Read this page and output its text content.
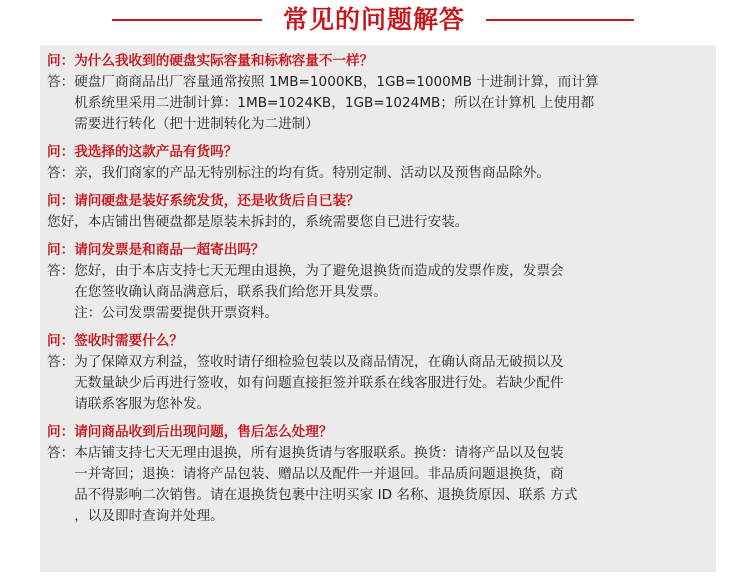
常见的问题解答
问：为什么我收到的硬盘实际容量和标称容量不一样？
答： 硬盘厂商商品出厂容量通常按照 1MB=1000KB，1GB=1000MB 十进制计算，而计算
机系统里采用二进制计算：1MB=1024KB，1GB=1024MB；所以在计算机 上使用都
需要进行转化（把十进制转化为二进制）
问：我选择的这款产品有货吗？
答： 亲，我们商家的产品无特别标注的均有货。特别定制、活动以及预售商品除外。
问：请问硬盘是装好系统发货，还是收货后自已装？
您好，本店铺出售硬盘都是原装未拆封的，系统需要您自已进行安装。
问：请问发票是和商品一超寄出吗？
答： 您好，由于本店支持七天无理由退换，为了避免退换货而造成的发票作废，发票会
在您签收确认商品满意后，联系我们给您开具发票。
注：公司发票需要提供开票资料。
问：签收时需要什么？
答： 为了保障双方利益，签收时请仔细检验包装以及商品情况，在确认商品无破损以及
无数量缺少后再进行签收，如有问题直接拒签并联系在线客服进行处。若缺少配件
请联系客服为您补发。
问：请问商品收到后出现问题，售后怎么处理？
答： 本店铺支持七天无理由退换，所有退换货请与客服联系。换货：请将产品以及包装
一并寄回；退换：请将产品包装、赠品以及配件一并退回。非品质问题退换货，商
品不得影响二次销售。请在退换货包裹中注明买家 ID 名称、退换货原因、联系 方式
，以及即时查询并处理。
